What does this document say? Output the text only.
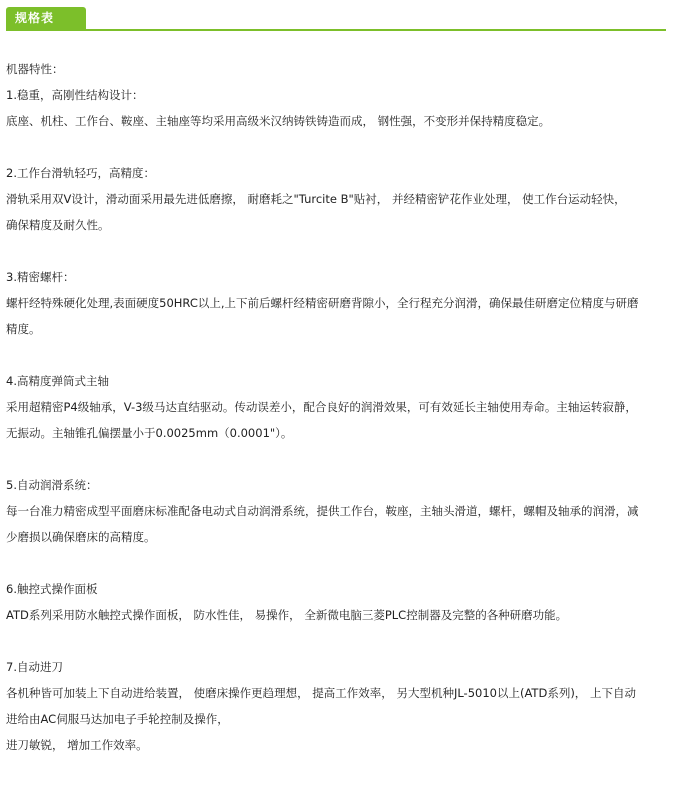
规格表

机器特性：

1.稳重，高刚性结构设计：

底座、机柱、工作台、鞍座、主轴座等均采用高级米汉纳铸铁铸造而成， 钢性强，不变形并保持精度稳定。

2.工作台滑轨轻巧，高精度：

滑轨采用双V设计，滑动面采用最先进低磨擦， 耐磨耗之"Turcite B"贴衬， 并经精密铲花作业处理， 使工作台运动轻快，

确保精度及耐久性。

3.精密螺杆：

螺杆经特殊硬化处理,表面硬度50HRC以上,上下前后螺杆经精密研磨背隙小，全行程充分润滑，确保最佳研磨定位精度与研磨

精度。

4.高精度弹筒式主轴

采用超精密P4级轴承，V-3级马达直结驱动。传动误差小，配合良好的润滑效果，可有效延长主轴使用寿命。主轴运转寂静，

无振动。主轴锥孔偏摆量小于0.0025mm（0.0001"）。

5.自动润滑系统：

每一台准力精密成型平面磨床标准配备电动式自动润滑系统，提供工作台，鞍座，主轴头滑道，螺杆，螺帽及轴承的润滑，减

少磨损以确保磨床的高精度。

6.触控式操作面板

ATD系列采用防水触控式操作面板， 防水性佳， 易操作， 全新微电脑三菱PLC控制器及完整的各种研磨功能。

7.自动进刀

各机种皆可加装上下自动进给装置， 使磨床操作更趋理想， 提高工作效率， 另大型机种JL-5010以上(ATD系列)， 上下自动

进给由AC伺服马达加电子手轮控制及操作，

进刀敏锐， 增加工作效率。
